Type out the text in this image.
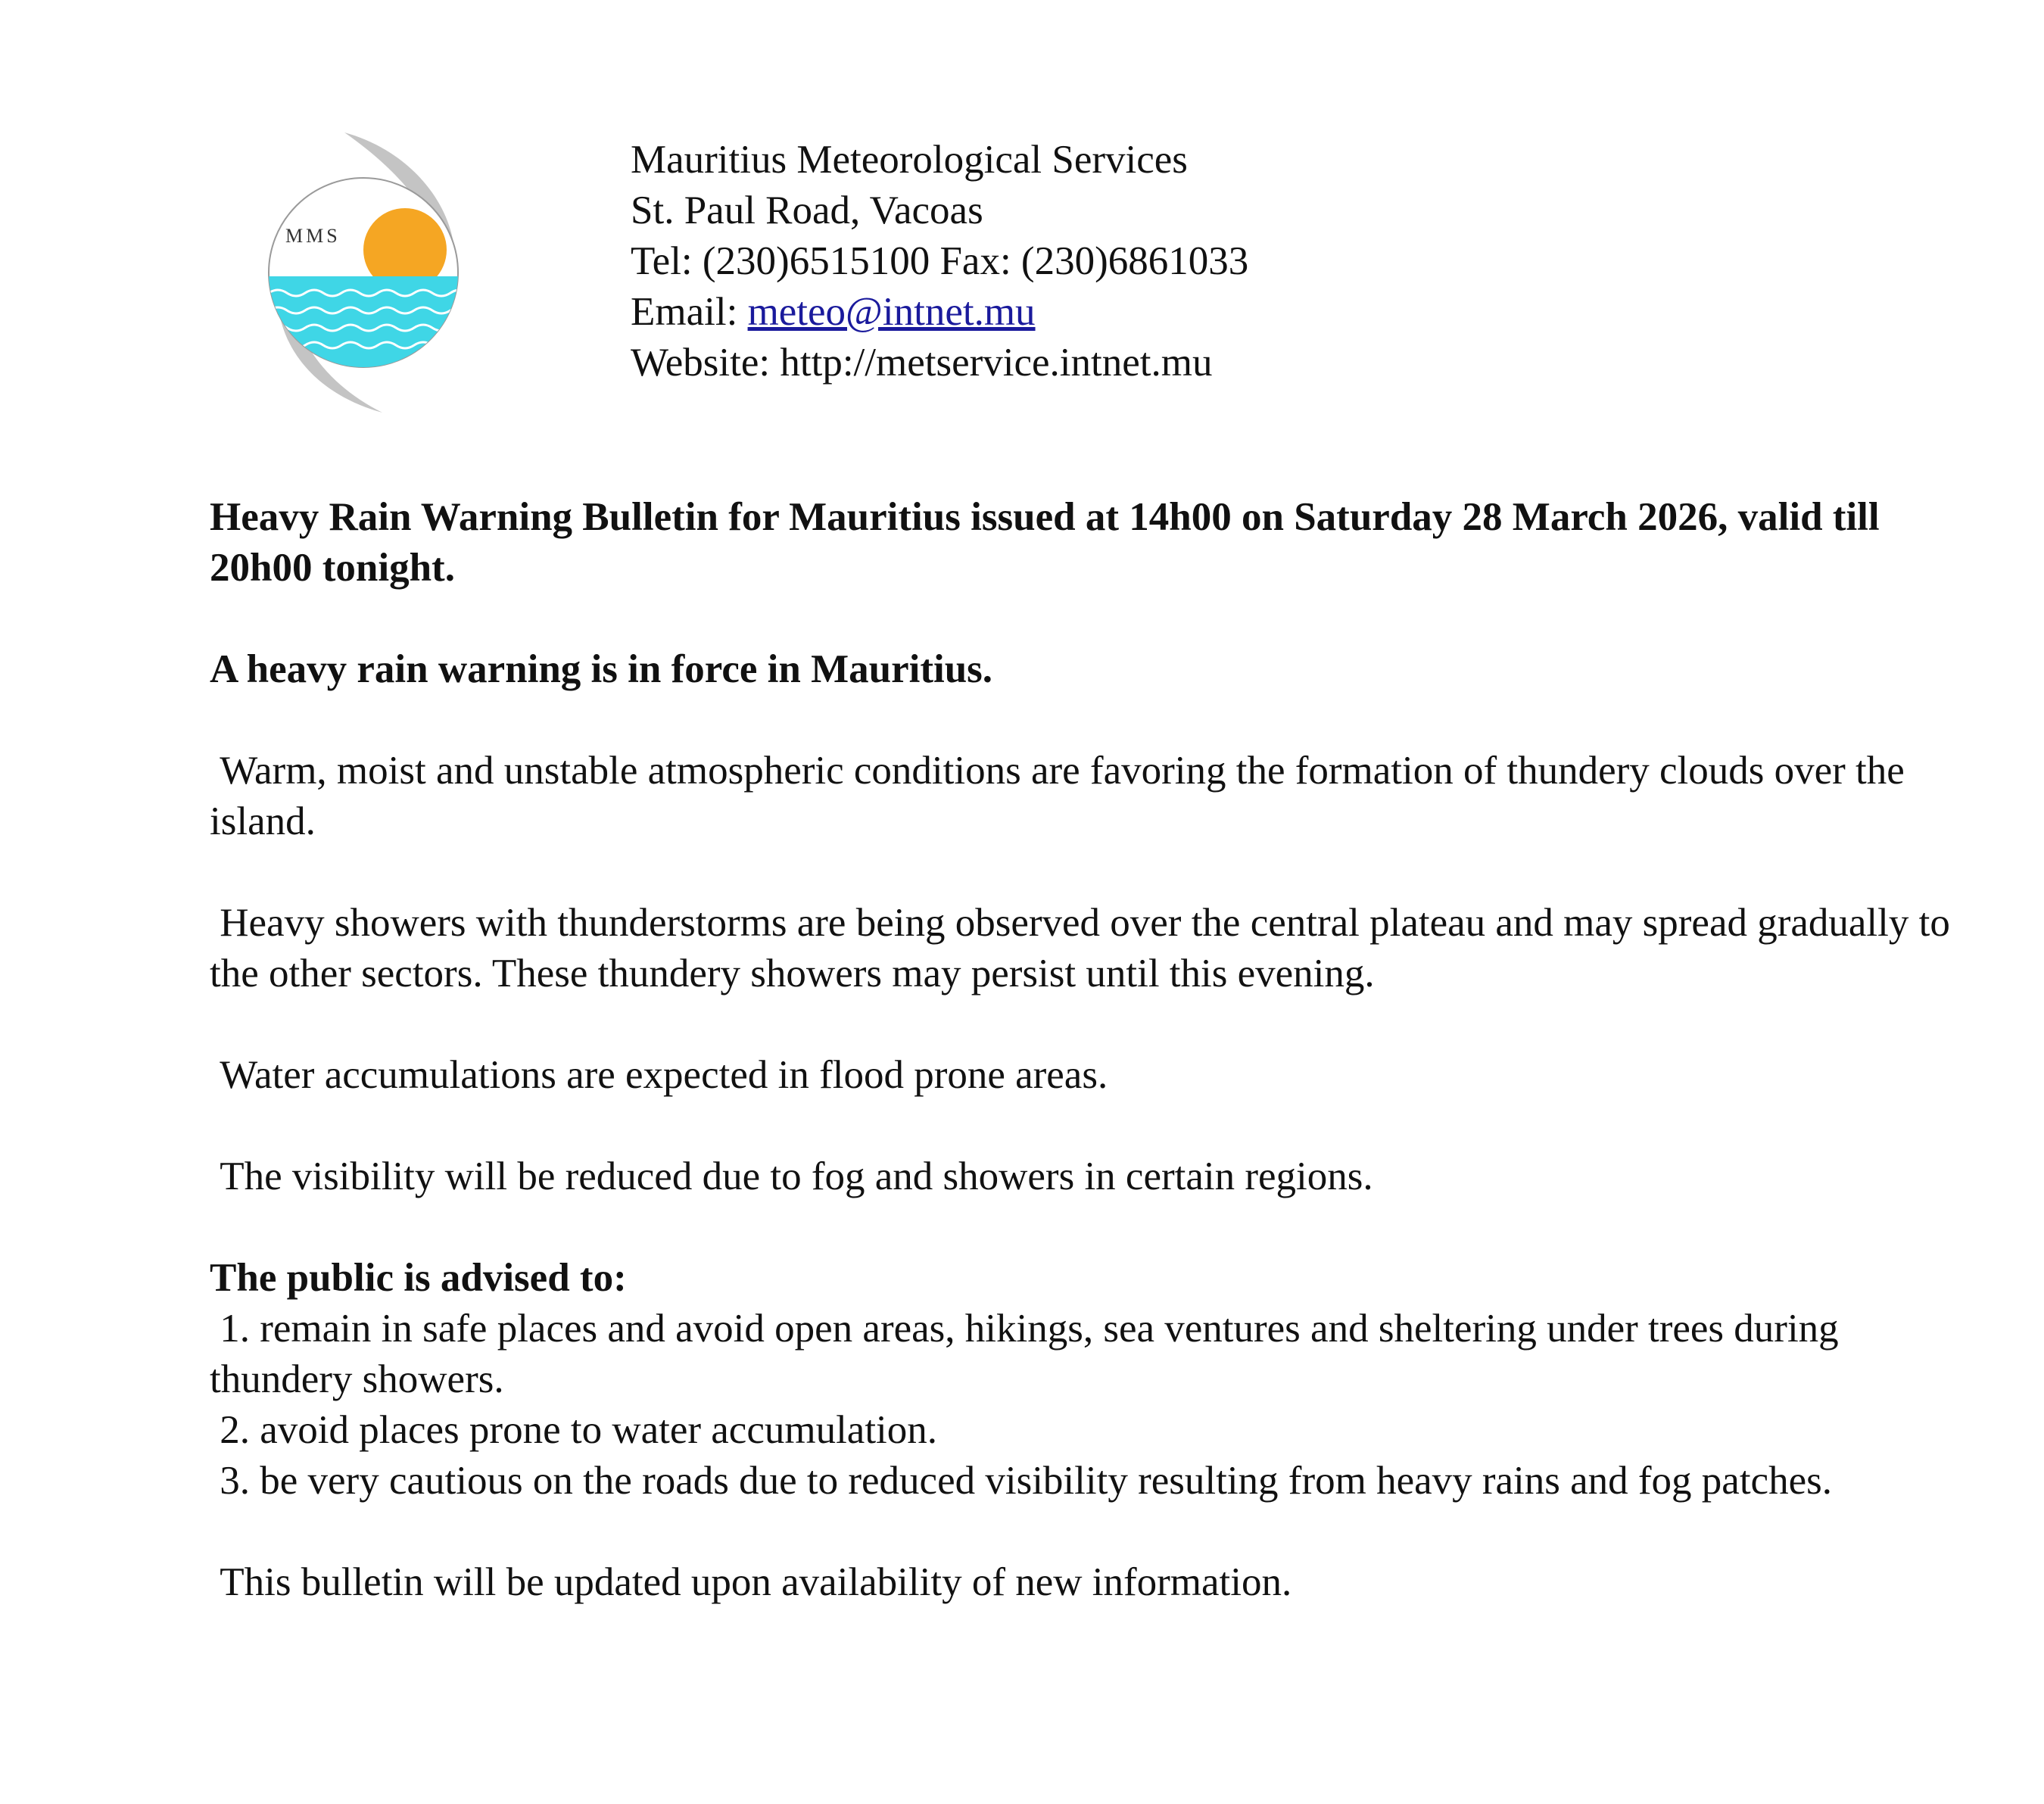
MMS
Mauritius Meteorological Services
St. Paul Road, Vacoas
Tel: (230)6515100 Fax: (230)6861033
Email: meteo@intnet.mu
Website: http://metservice.intnet.mu

Heavy Rain Warning Bulletin for Mauritius issued at 14h00 on Saturday 28 March 2026, valid till 20h00 tonight.

A heavy rain warning is in force in Mauritius.

Warm, moist and unstable atmospheric conditions are favoring the formation of thundery clouds over the island.

Heavy showers with thunderstorms are being observed over the central plateau and may spread gradually to the other sectors. These thundery showers may persist until this evening.

Water accumulations are expected in flood prone areas.

The visibility will be reduced due to fog and showers in certain regions.

The public is advised to:

1. remain in safe places and avoid open areas, hikings, sea ventures and sheltering under trees during thundery showers.

2. avoid places prone to water accumulation.

3. be very cautious on the roads due to reduced visibility resulting from heavy rains and fog patches.

This bulletin will be updated upon availability of new information.
